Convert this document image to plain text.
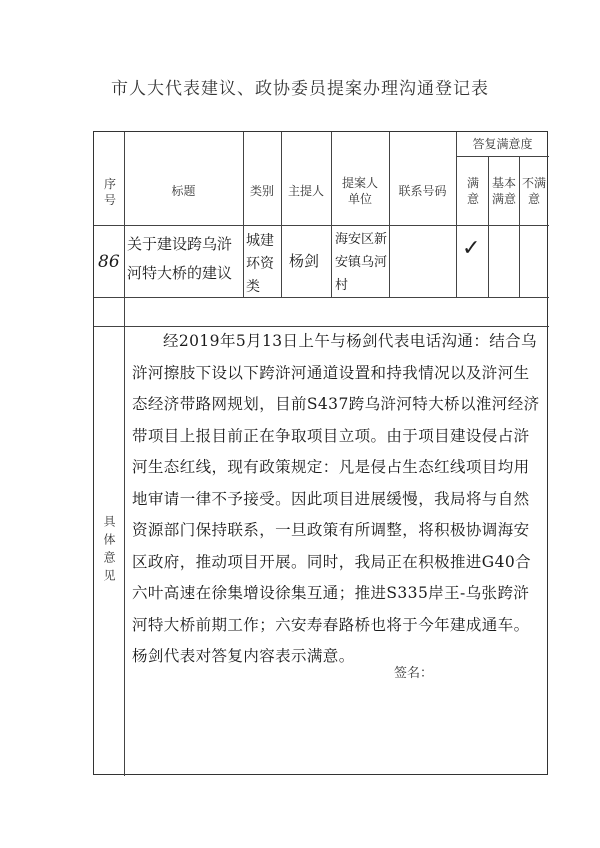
市人大代表建议、政协委员提案办理沟通登记表
序号
标题	类别	主提人
提案人单位
联系号码
答复满意度
满意
基本满意
不满意
86
关于建设跨乌浒河特大桥的建议
城建环资类
杨剑
海安区新安镇乌河村
✓
具体意见
经2019年5月13日上午与杨剑代表电话沟通：结合乌浒河擦肢下设以下跨浒河通道设置和持我情况以及浒河生态经济带路网规划，目前S437跨乌浒河特大桥以淮河经济带项目上报目前正在争取项目立项。由于项目建设侵占浒河生态红线，现有政策规定：凡是侵占生态红线项目均用地审请一律不予接受。因此项目进展缓慢，我局将与自然资源部门保持联系，一旦政策有所调整，将积极协调海安区政府，推动项目开展。同时，我局正在积极推进G40合六叶高速在徐集增设徐集互通；推进S335岸王-乌张跨浒河特大桥前期工作；六安寿春路桥也将于今年建成通车。杨剑代表对答复内容表示满意。
签名：
